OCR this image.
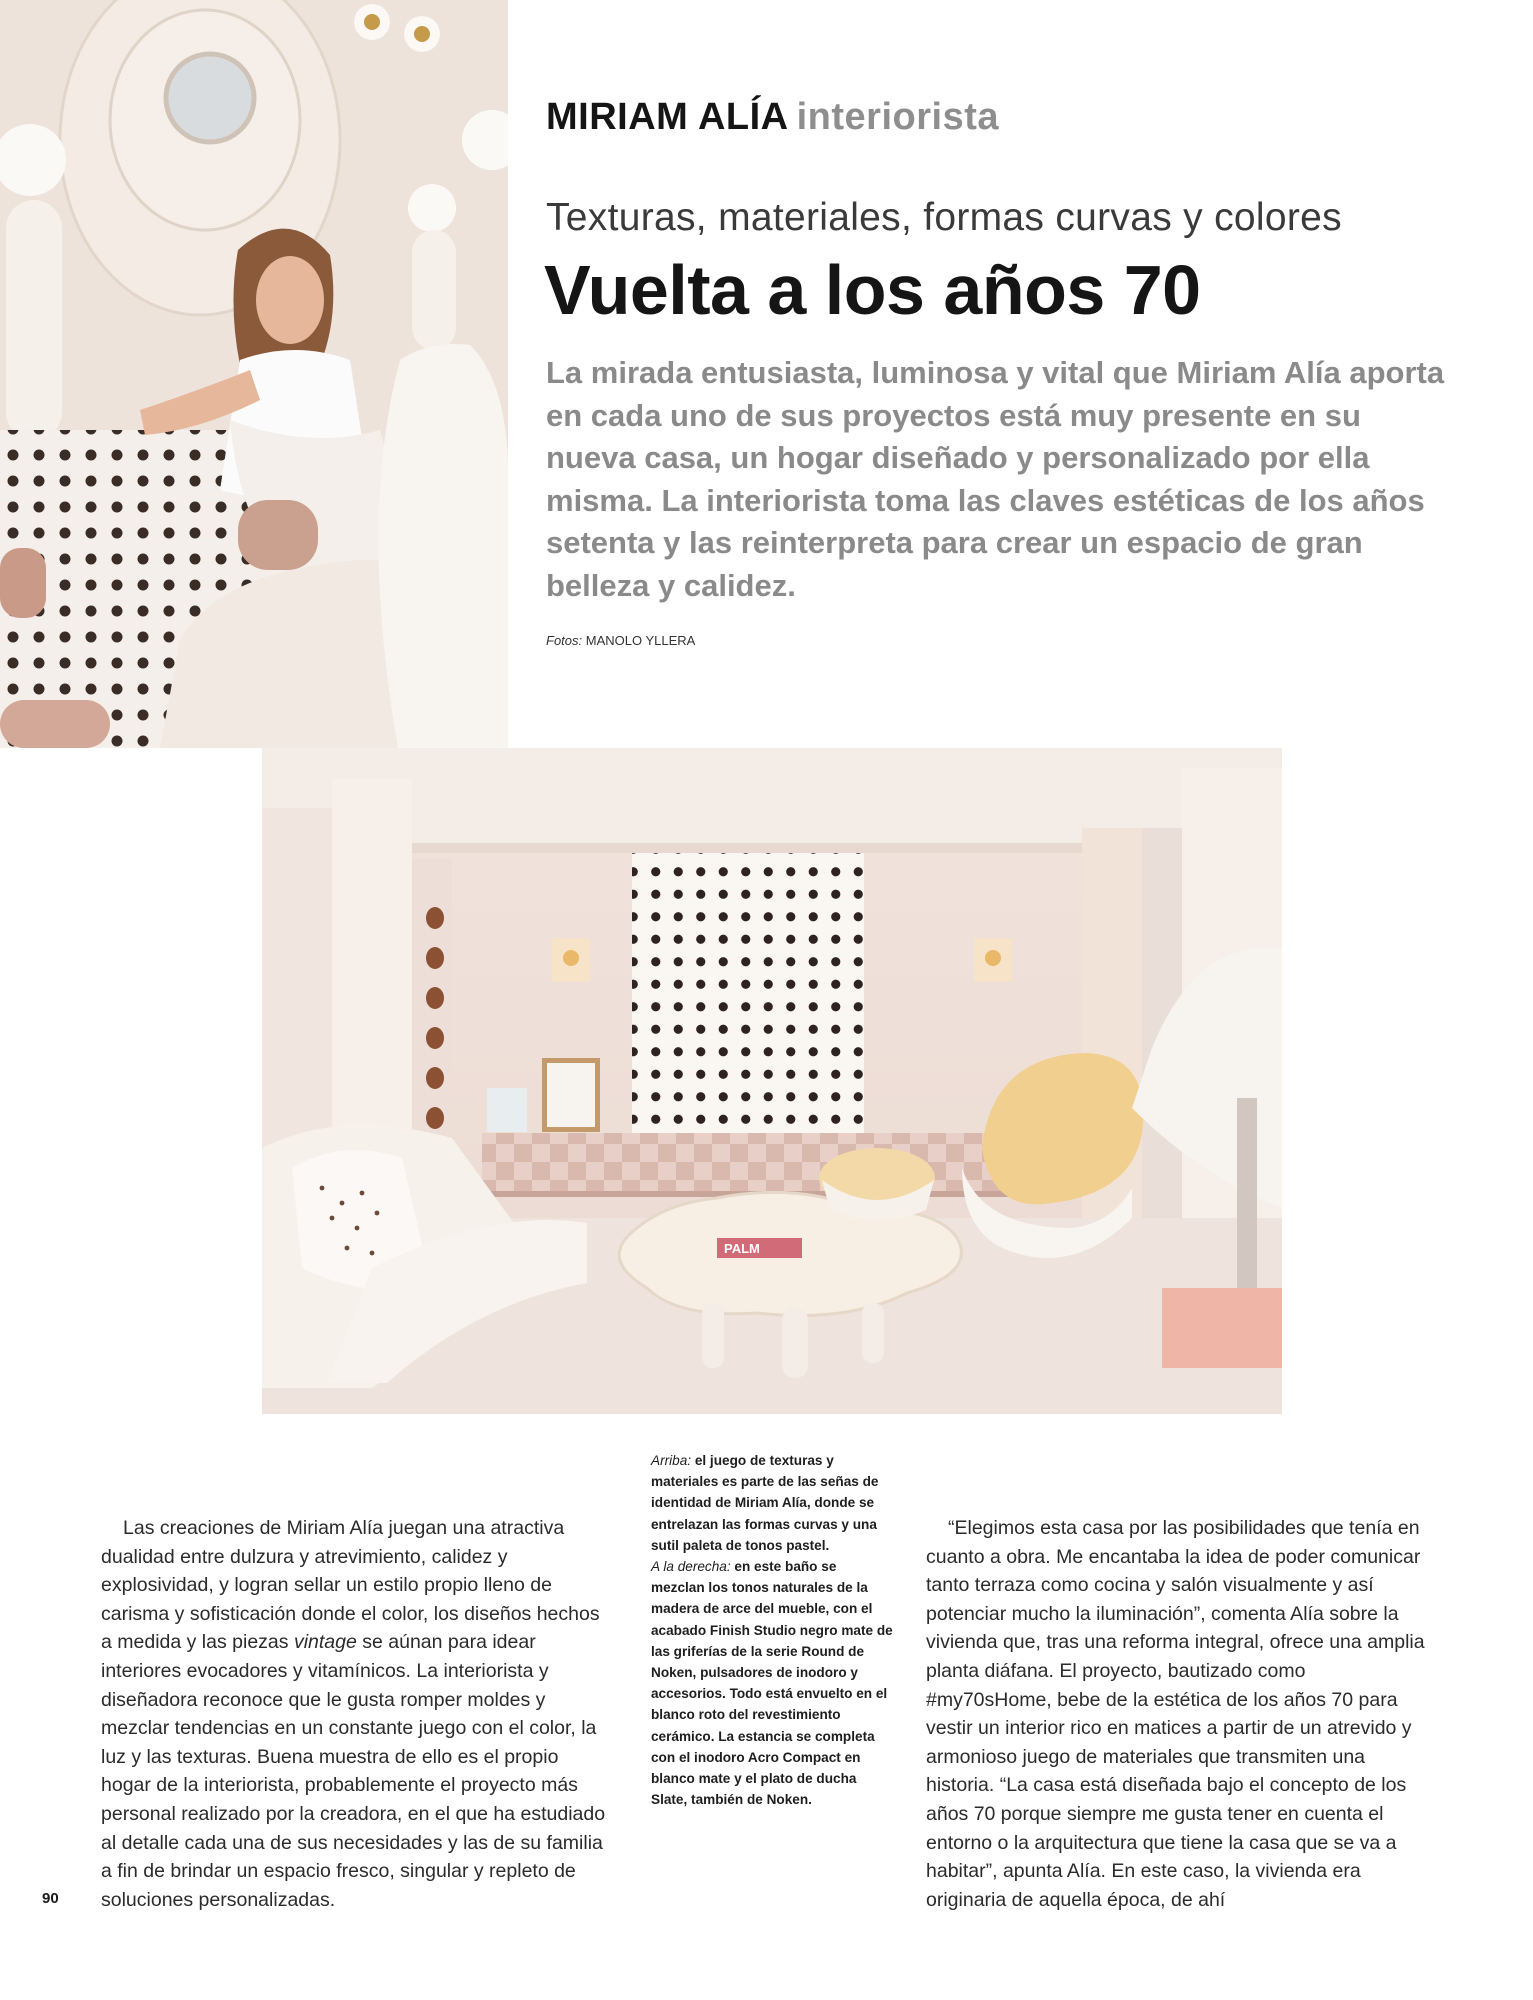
MIRIAM ALÍA interiorista
Texturas, materiales, formas curvas y colores
Vuelta a los años 70
La mirada entusiasta, luminosa y vital que Miriam Alía aporta en cada uno de sus proyectos está muy presente en su nueva casa, un hogar diseñado y personalizado por ella misma. La interiorista toma las claves estéticas de los años setenta y las reinterpreta para crear un espacio de gran belleza y calidez.
Fotos: MANOLO YLLERA
PALM
Arriba: el juego de texturas y materiales es parte de las señas de identidad de Miriam Alía, donde se entrelazan las formas curvas y una sutil paleta de tonos pastel.
A la derecha: en este baño se mezclan los tonos naturales de la madera de arce del mueble, con el acabado Finish Studio negro mate de las griferías de la serie Round de Noken, pulsadores de inodoro y accesorios. Todo está envuelto en el blanco roto del revestimiento cerámico. La estancia se completa con el inodoro Acro Compact en blanco mate y el plato de ducha Slate, también de Noken.
Las creaciones de Miriam Alía juegan una atractiva dualidad entre dulzura y atrevimiento, calidez y explosividad, y logran sellar un estilo propio lleno de carisma y sofisticación donde el color, los diseños hechos a medida y las piezas vintage se aúnan para idear interiores evocadores y vitamínicos. La interiorista y diseñadora reconoce que le gusta romper moldes y mezclar tendencias en un constante juego con el color, la luz y las texturas. Buena muestra de ello es el propio hogar de la interiorista, probablemente el proyecto más personal realizado por la creadora, en el que ha estudiado al detalle cada una de sus necesidades y las de su familia a fin de brindar un espacio fresco, singular y repleto de soluciones personalizadas.
“Elegimos esta casa por las posibilidades que tenía en cuanto a obra. Me encantaba la idea de poder comunicar tanto terraza como cocina y salón visualmente y así potenciar mucho la iluminación”, comenta Alía sobre la vivienda que, tras una reforma integral, ofrece una amplia planta diáfana. El proyecto, bautizado como #my70sHome, bebe de la estética de los años 70 para vestir un interior rico en matices a partir de un atrevido y armonioso juego de materiales que transmiten una historia. “La casa está diseñada bajo el concepto de los años 70 porque siempre me gusta tener en cuenta el entorno o la arquitectura que tiene la casa que se va a habitar”, apunta Alía. En este caso, la vivienda era originaria de aquella época, de ahí
90
